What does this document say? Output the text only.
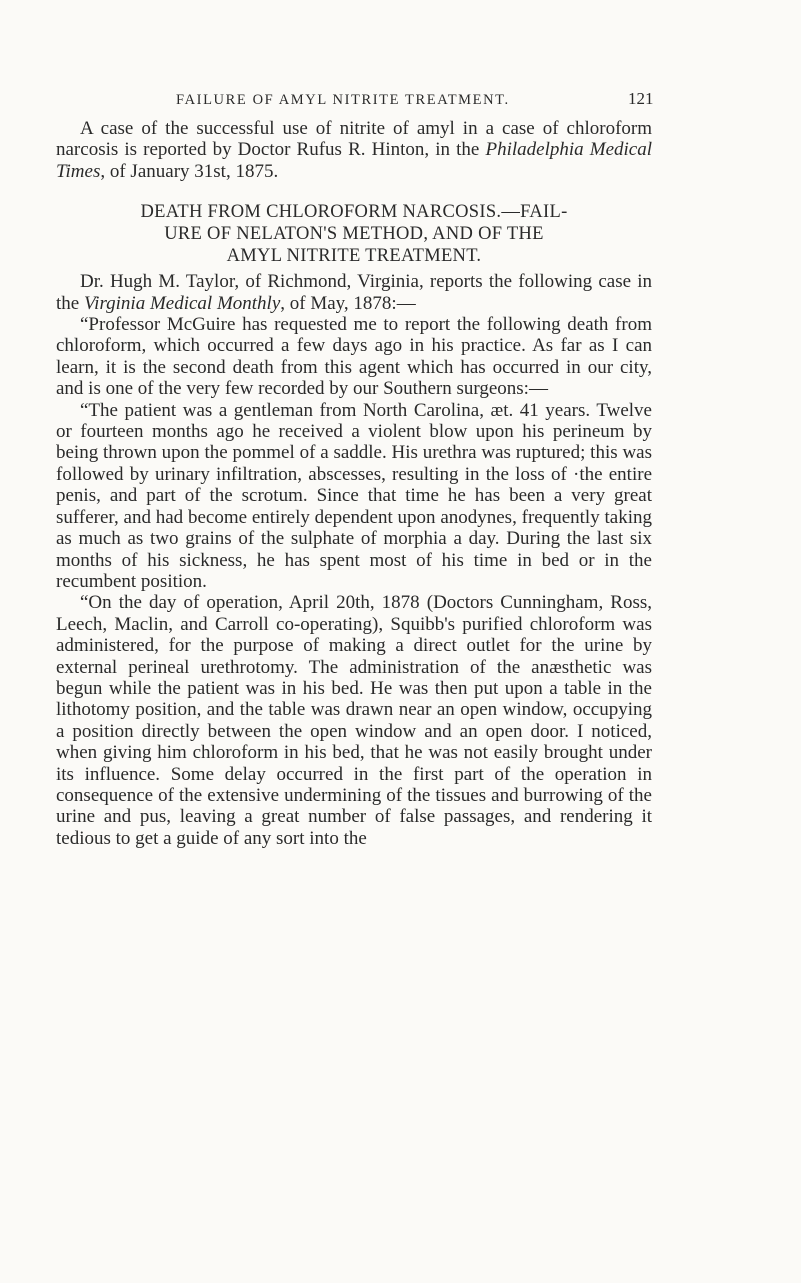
FAILURE OF AMYL NITRITE TREATMENT.	121

A case of the successful use of nitrite of amyl in a case of chloroform narcosis is reported by Doctor Rufus R. Hinton, in the Philadelphia Medical Times, of January 31st, 1875.

DEATH FROM CHLOROFORM NARCOSIS.—FAIL-
URE OF NELATON'S METHOD, AND OF THE
AMYL NITRITE TREATMENT.

Dr. Hugh M. Taylor, of Richmond, Virginia, reports the following case in the Virginia Medical Monthly, of May, 1878:—

“Professor McGuire has requested me to report the following death from chloroform, which occurred a few days ago in his practice. As far as I can learn, it is the second death from this agent which has occurred in our city, and is one of the very few recorded by our Southern surgeons:—

“The patient was a gentleman from North Carolina, æt. 41 years. Twelve or fourteen months ago he received a violent blow upon his perineum by being thrown upon the pommel of a saddle. His urethra was ruptured; this was followed by urinary infiltration, abscesses, resulting in the loss of ·the entire penis, and part of the scrotum. Since that time he has been a very great sufferer, and had become entirely dependent upon anodynes, frequently taking as much as two grains of the sulphate of morphia a day. During the last six months of his sickness, he has spent most of his time in bed or in the recumbent position.

“On the day of operation, April 20th, 1878 (Doctors Cunningham, Ross, Leech, Maclin, and Carroll co-operating), Squibb's purified chloroform was administered, for the purpose of making a direct outlet for the urine by external perineal urethrotomy. The administration of the anæsthetic was begun while the patient was in his bed. He was then put upon a table in the lithotomy position, and the table was drawn near an open window, occupying a position directly between the open window and an open door. I noticed, when giving him chloroform in his bed, that he was not easily brought under its influence. Some delay occurred in the first part of the operation in consequence of the extensive undermining of the tissues and burrowing of the urine and pus, leaving a great number of false passages, and rendering it tedious to get a guide of any sort into the
